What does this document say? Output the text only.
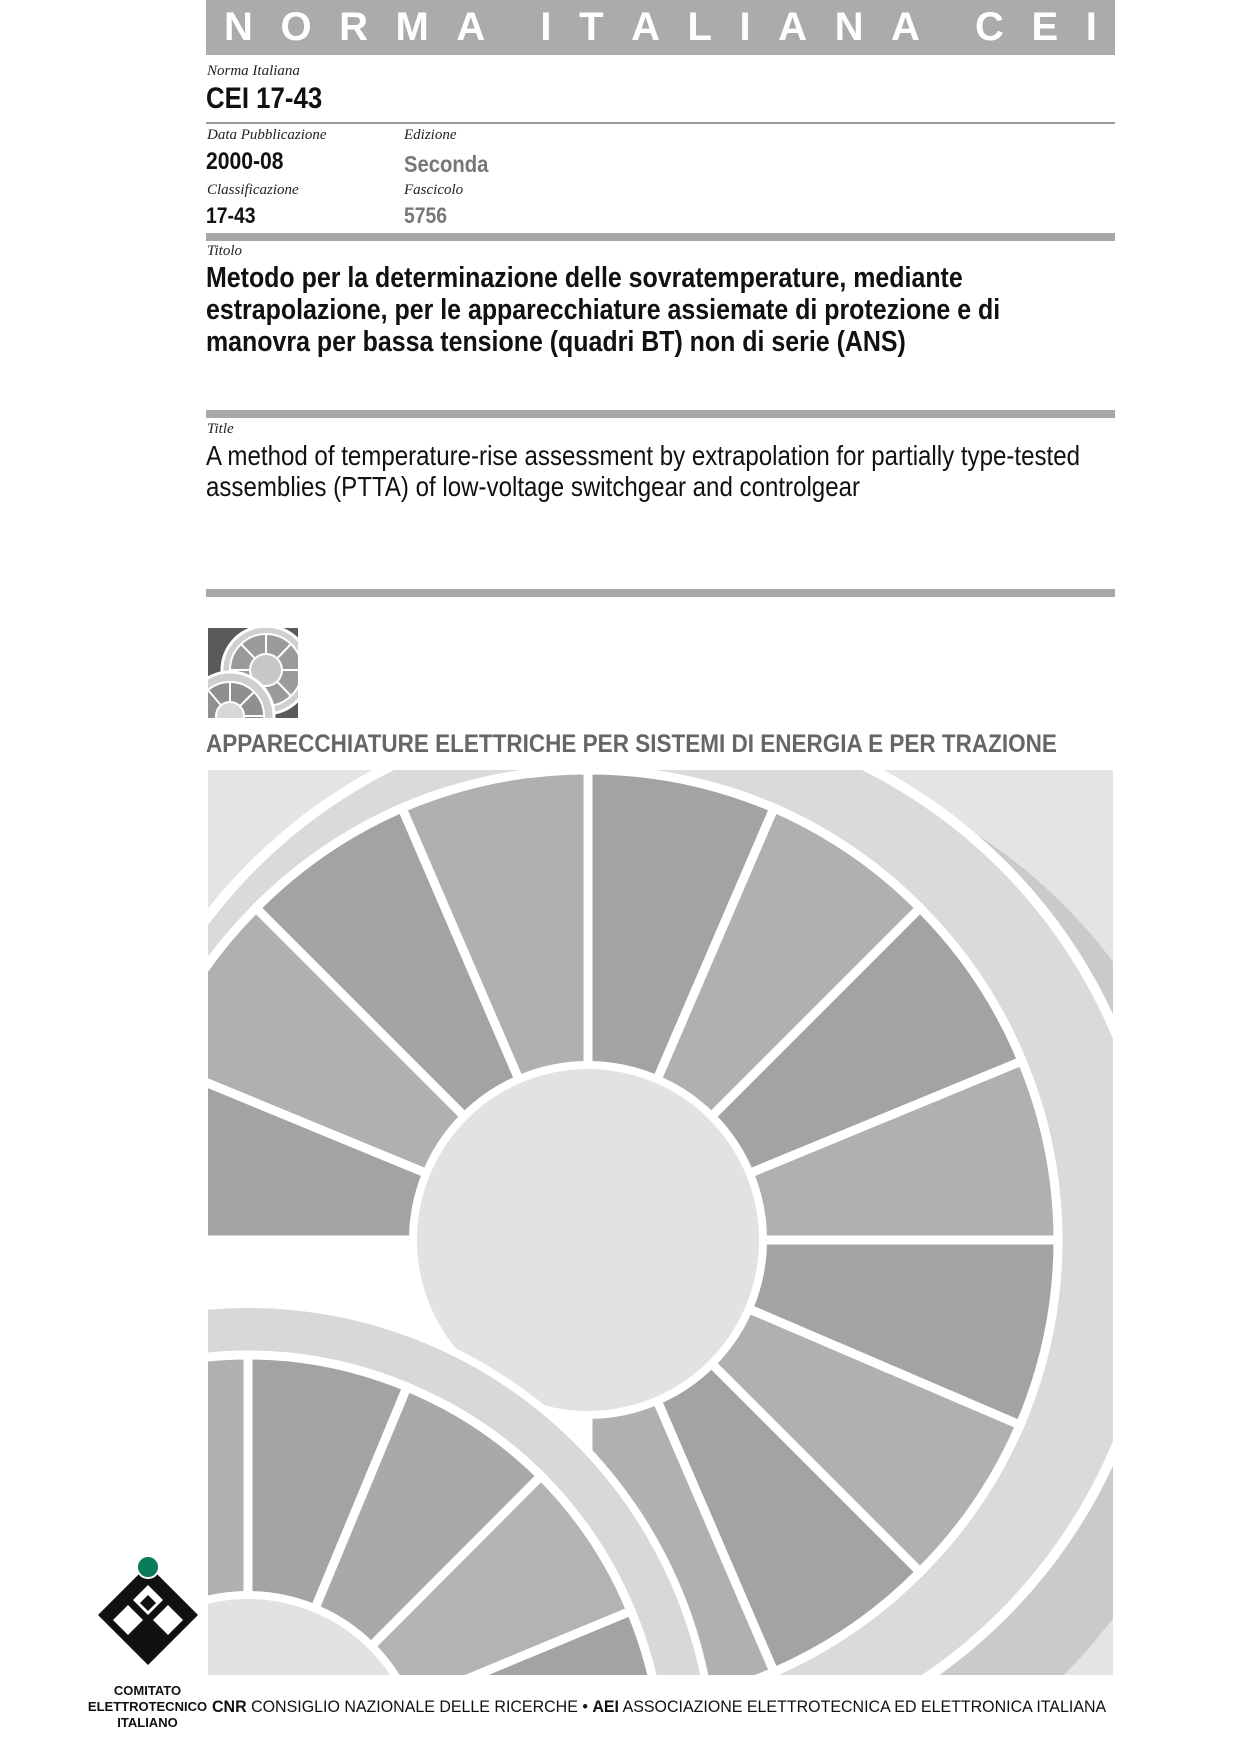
N O R M A I T A L I A N A C E I
Norma Italiana
CEI 17-43
Data Pubblicazione
2000-08
Edizione
Seconda
Classificazione
17-43
Fascicolo
5756
Titolo
Metodo per la determinazione delle sovratemperature, mediante
estrapolazione, per le apparecchiature assiemate di protezione e di
manovra per bassa tensione (quadri BT) non di serie (ANS)
Title
A method of temperature-rise assessment by extrapolation for partially type-tested
assemblies (PTTA) of low-voltage switchgear and controlgear
APPARECCHIATURE ELETTRICHE PER SISTEMI DI ENERGIA E PER TRAZIONE
COMITATO
ELETTROTECNICO
ITALIANO
CNR CONSIGLIO NAZIONALE DELLE RICERCHE • AEI ASSOCIAZIONE ELETTROTECNICA ED ELETTRONICA ITALIANA
